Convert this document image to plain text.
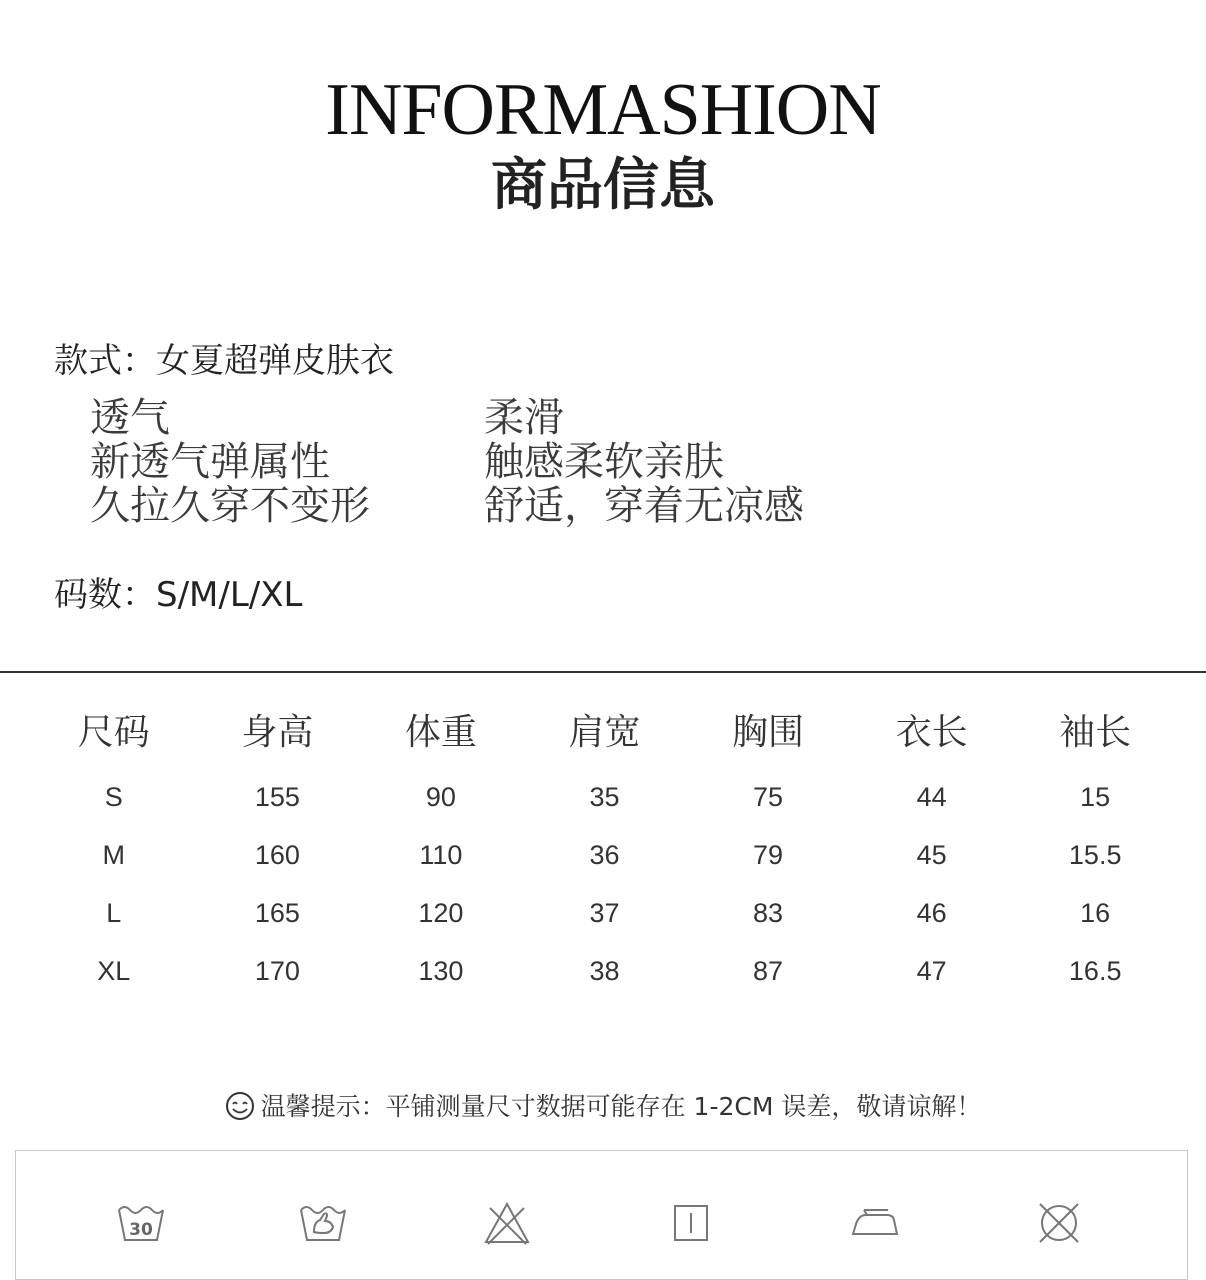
INFORMASHION
商品信息
款式：女夏超弹皮肤衣
透气
新透气弹属性
久拉久穿不变形
柔滑
触感柔软亲肤
舒适，穿着无凉感
码数：S/M/L/XL
尺码	身高	体重	肩宽	胸围	衣长	袖长
S	155	90	35	75	44	15
M	160	110	36	79	45	15.5
L	165	120	37	83	46	16
XL	170	130	38	87	47	16.5
温馨提示：平铺测量尺寸数据可能存在 1-2CM 误差，敬请谅解！
30
